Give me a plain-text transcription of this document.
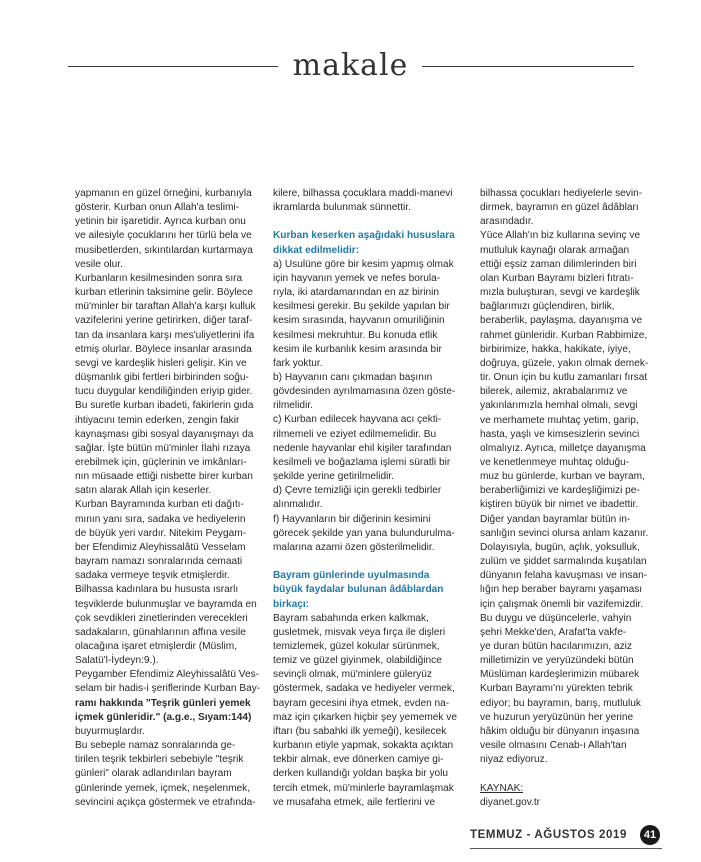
makale

yapmanın en güzel örneğini, kurbanıyla

gösterir. Kurban onun Allah'a teslimi-

yetinin bir işaretidir. Ayrıca kurban onu

ve ailesiyle çocuklarını her türlü bela ve

musibetlerden, sıkıntılardan kurtarmaya

vesile olur.

Kurbanların kesilmesinden sonra sıra

kurban etlerinin taksimine gelir. Böylece

mü'minler bir taraftan Allah'a karşı kulluk

vazifelerini yerine getirirken, diğer taraf-

tan da insanlara karşı mes'uliyetlerini ifa

etmiş olurlar. Böylece insanlar arasında

sevgi ve kardeşlik hisleri gelişir. Kin ve

düşmanlık gibi fertleri birbirinden soğu-

tucu duygular kendiliğinden eriyip gider.

Bu suretle kurban ibadeti, fakirlerin gıda

ihtiyacını temin ederken, zengin fakir

kaynaşması gibi sosyal dayanışmayı da

sağlar. İşte bütün mü'minler İlahi rızaya

erebilmek için, güçlerinin ve imkânları-

nın müsaade ettiği nisbette birer kurban

satın alarak Allah için keserler.

Kurban Bayramında kurban eti dağıtı-

mının yanı sıra, sadaka ve hediyelerin

de büyük yeri vardır. Nitekim Peygam-

ber Efendimiz Aleyhissalâtü Vesselam

bayram namazı sonralarında cemaati

sadaka vermeye teşvik etmişlerdir.

Bilhassa kadınlara bu hususta ısrarlı

teşviklerde bulunmuşlar ve bayramda en

çok sevdikleri zinetlerinden verecekleri

sadakaların, günahlarının affına vesile

olacağına işaret etmişlerdir (Müslim,

Salatü'l-İydeyn:9.).

Peygamber Efendimiz Aleyhissalâtü Ves-

selam bir hadis-i şeriflerinde Kurban Bay-

ramı hakkında "Teşrik günleri yemek

içmek günleridir." (a.g.e., Sıyam:144)

buyurmuşlardır.

Bu sebeple namaz sonralarında ge-

tirilen teşrik tekbirleri sebebiyle "teşrik

günleri" olarak adlandırılan bayram

günlerinde yemek, içmek, neşelenmek,

sevincini açıkça göstermek ve etrafında-

kilere, bilhassa çocuklara maddi-manevi

ikramlarda bulunmak sünnettir.

Kurban keserken aşağıdaki hususlara

dikkat edilmelidir:

a) Usulüne göre bir kesim yapmış olmak

için hayvanın yemek ve nefes borula-

rıyla, iki atardamarından en az birinin

kesilmesi gerekir. Bu şekilde yapılan bir

kesim sırasında, hayvanın omuriliğinin

kesilmesi mekruhtur. Bu konuda etlik

kesim ile kurbanlık kesim arasında bir

fark yoktur.

b) Hayvanın canı çıkmadan başının

gövdesinden ayrılmamasına özen göste-

rilmelidir.

c) Kurban edilecek hayvana acı çekti-

rilmemeli ve eziyet edilmemelidir. Bu

nedenle hayvanlar ehil kişiler tarafından

kesilmeli ve boğazlama işlemi süratli bir

şekilde yerine getirilmelidir.

d) Çevre temizliği için gerekli tedbirler

alınmalıdır.

f) Hayvanların bir diğerinin kesimini

görecek şekilde yan yana bulundurulma-

malarına azami özen gösterilmelidir.

Bayram günlerinde uyulmasında

büyük faydalar bulunan âdâblardan

birkaçı:

Bayram sabahında erken kalkmak,

gusletmek, misvak veya fırça ile dişleri

temizlemek, güzel kokular sürünmek,

temiz ve güzel giyinmek, olabildiğince

sevinçli olmak, mü'minlere güleryüz

göstermek, sadaka ve hediyeler vermek,

bayram gecesini ihya etmek, evden na-

maz için çıkarken hiçbir şey yememek ve

iftarı (bu sabahki ilk yemeği), kesilecek

kurbanın etiyle yapmak, sokakta açıktan

tekbir almak, eve dönerken camiye gi-

derken kullandığı yoldan başka bir yolu

tercih etmek, mü'minlerle bayramlaşmak

ve musafaha etmek, aile fertlerini ve

bilhassa çocukları hediyelerle sevin-

dirmek, bayramın en güzel âdâbları

arasındadır.

Yüce Allah'ın biz kullarına sevinç ve

mutluluk kaynağı olarak armağan

ettiği eşsiz zaman dilimlerinden biri

olan Kurban Bayramı bizleri fıtratı-

mızla buluşturan, sevgi ve kardeşlik

bağlarımızı güçlendiren, birlik,

beraberlik, paylaşma, dayanışma ve

rahmet günleridir. Kurban Rabbimize,

birbirimize, hakka, hakikate, iyiye,

doğruya, güzele, yakın olmak demek-

tir. Onun için bu kutlu zamanları fırsat

bilerek, ailemiz, akrabalarımız ve

yakınlarımızla hemhal olmalı, sevgi

ve merhamete muhtaç yetim, garip,

hasta, yaşlı ve kimsesizlerin sevinci

olmalıyız. Ayrıca, milletçe dayanışma

ve kenetlenmeye muhtaç olduğu-

muz bu günlerde, kurban ve bayram,

beraberliğimizi ve kardeşliğimizi pe-

kiştiren büyük bir nimet ve ibadettir.

Diğer yandan bayramlar bütün in-

sanlığın sevinci olursa anlam kazanır.

Dolayısıyla, bugün, açlık, yoksulluk,

zulüm ve şiddet sarmalında kuşatılan

dünyanın felaha kavuşması ve insan-

lığın hep beraber bayramı yaşaması

için çalışmak önemli bir vazifemizdir.

Bu duygu ve düşüncelerle, vahyin

şehri Mekke'den, Arafat'ta vakfe-

ye duran bütün hacılarımızın, aziz

milletimizin ve yeryüzündeki bütün

Müslüman kardeşlerimizin mübarek

Kurban Bayramı'nı yürekten tebrik

ediyor; bu bayramın, barış, mutluluk

ve huzurun yeryüzünün her yerine

hâkim olduğu bir dünyanın inşasına

vesile olmasını Cenab-ı Allah'tan

niyaz ediyoruz.

KAYNAK:

diyanet.gov.tr

TEMMUZ - AĞUSTOS 2019	41
